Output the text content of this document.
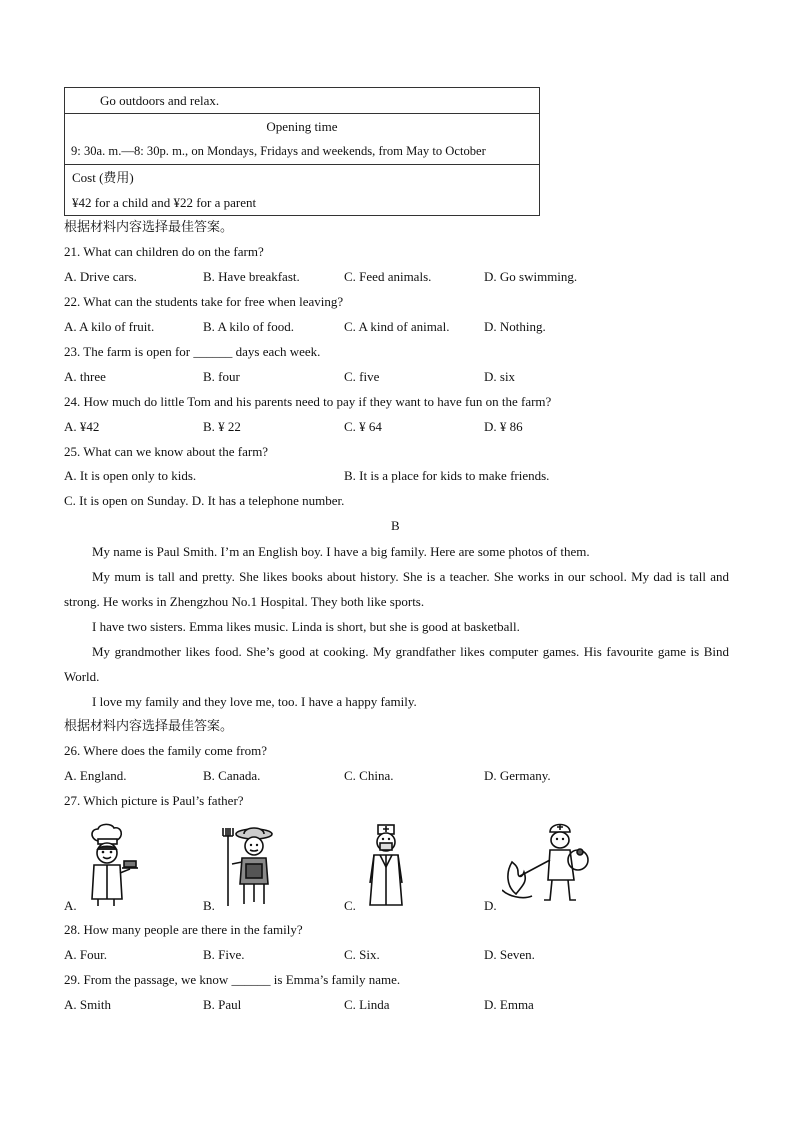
Go outdoors and relax.
Opening time
9: 30a. m.—8: 30p. m., on Mondays, Fridays and weekends, from May to October
Cost (费用)
¥42 for a child and ¥22 for a parent
根据材料内容选择最佳答案。
21. What can children do on the farm?
A. Drive cars.	B. Have breakfast.	C. Feed animals.	D. Go swimming.
22. What can the students take for free when leaving?
A. A kilo of fruit.	B. A kilo of food.	C. A kind of animal.	D. Nothing.
23. The farm is open for ______ days each week.
A. three	B. four	C. five	D. six
24. How much do little Tom and his parents need to pay if they want to have fun on the farm?
A. ¥42	B. ¥ 22	C. ¥ 64	D. ¥ 86
25. What can we know about the farm?
A. It is open only to kids.	B. It is a place for kids to make friends.
C. It is open on Sunday. D. It has a telephone number.
B
My name is Paul Smith. I’m an English boy. I have a big family. Here are some photos of them.
My mum is tall and pretty. She likes books about history. She is a teacher. She works in our school. My dad is tall and strong. He works in Zhengzhou No.1 Hospital. They both like sports.
I have two sisters. Emma likes music. Linda is short, but she is good at basketball.
My grandmother likes food. She’s good at cooking. My grandfather likes computer games. His favourite game is Bind World.
I love my family and they love me, too. I have a happy family.
根据材料内容选择最佳答案。
26. Where does the family come from?
A. England.	B. Canada.	C. China.	D. Germany.
27. Which picture is Paul’s father?
A.	B.	C.	D.
28. How many people are there in the family?
A. Four.	B. Five.	C. Six.	D. Seven.
29. From the passage, we know ______ is Emma’s family name.
A. Smith	B. Paul	C. Linda	D. Emma
